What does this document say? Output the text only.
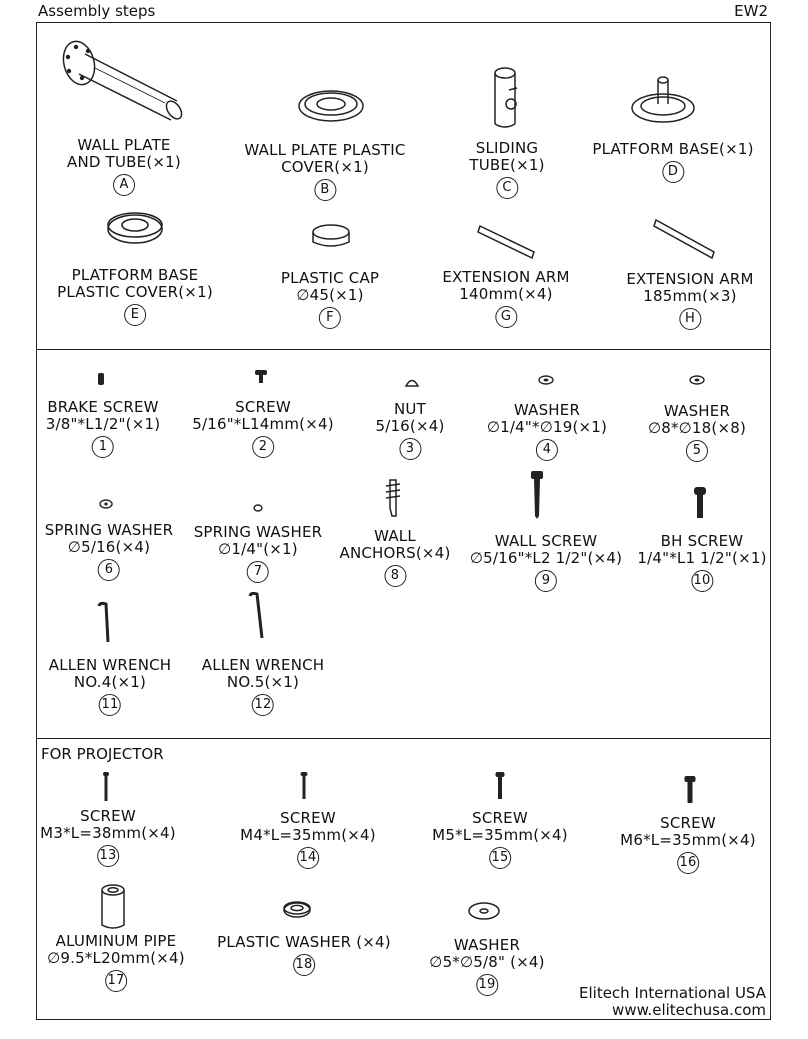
Assembly steps	EW2
WALL PLATE
AND TUBE(×1)
A
WALL PLATE PLASTIC
COVER(×1)
B
SLIDING
TUBE(×1)
C
PLATFORM BASE(×1)
D
PLATFORM BASE
PLASTIC COVER(×1)
E
PLASTIC CAP
∅45(×1)
F
EXTENSION ARM
140mm(×4)
G
EXTENSION ARM
185mm(×3)
H
BRAKE SCREW
3/8"*L1/2"(×1)
1
SCREW
5/16"*L14mm(×4)
2
NUT
5/16(×4)
3
WASHER
∅1/4"*∅19(×1)
4
WASHER
∅8*∅18(×8)
5
SPRING WASHER
∅5/16(×4)
6
SPRING WASHER
∅1/4"(×1)
7
WALL
ANCHORS(×4)
8
WALL SCREW
∅5/16"*L2 1/2"(×4)
9
BH SCREW
1/4"*L1 1/2"(×1)
10
ALLEN WRENCH
NO.4(×1)
11
ALLEN WRENCH
NO.5(×1)
12
FOR PROJECTOR
SCREW
M3*L=38mm(×4)
13
SCREW
M4*L=35mm(×4)
14
SCREW
M5*L=35mm(×4)
15
SCREW
M6*L=35mm(×4)
16
ALUMINUM PIPE
∅9.5*L20mm(×4)
17
PLASTIC WASHER (×4)
18
WASHER
∅5*∅5/8" (×4)
19	Elitech International USA
www.elitechusa.com
